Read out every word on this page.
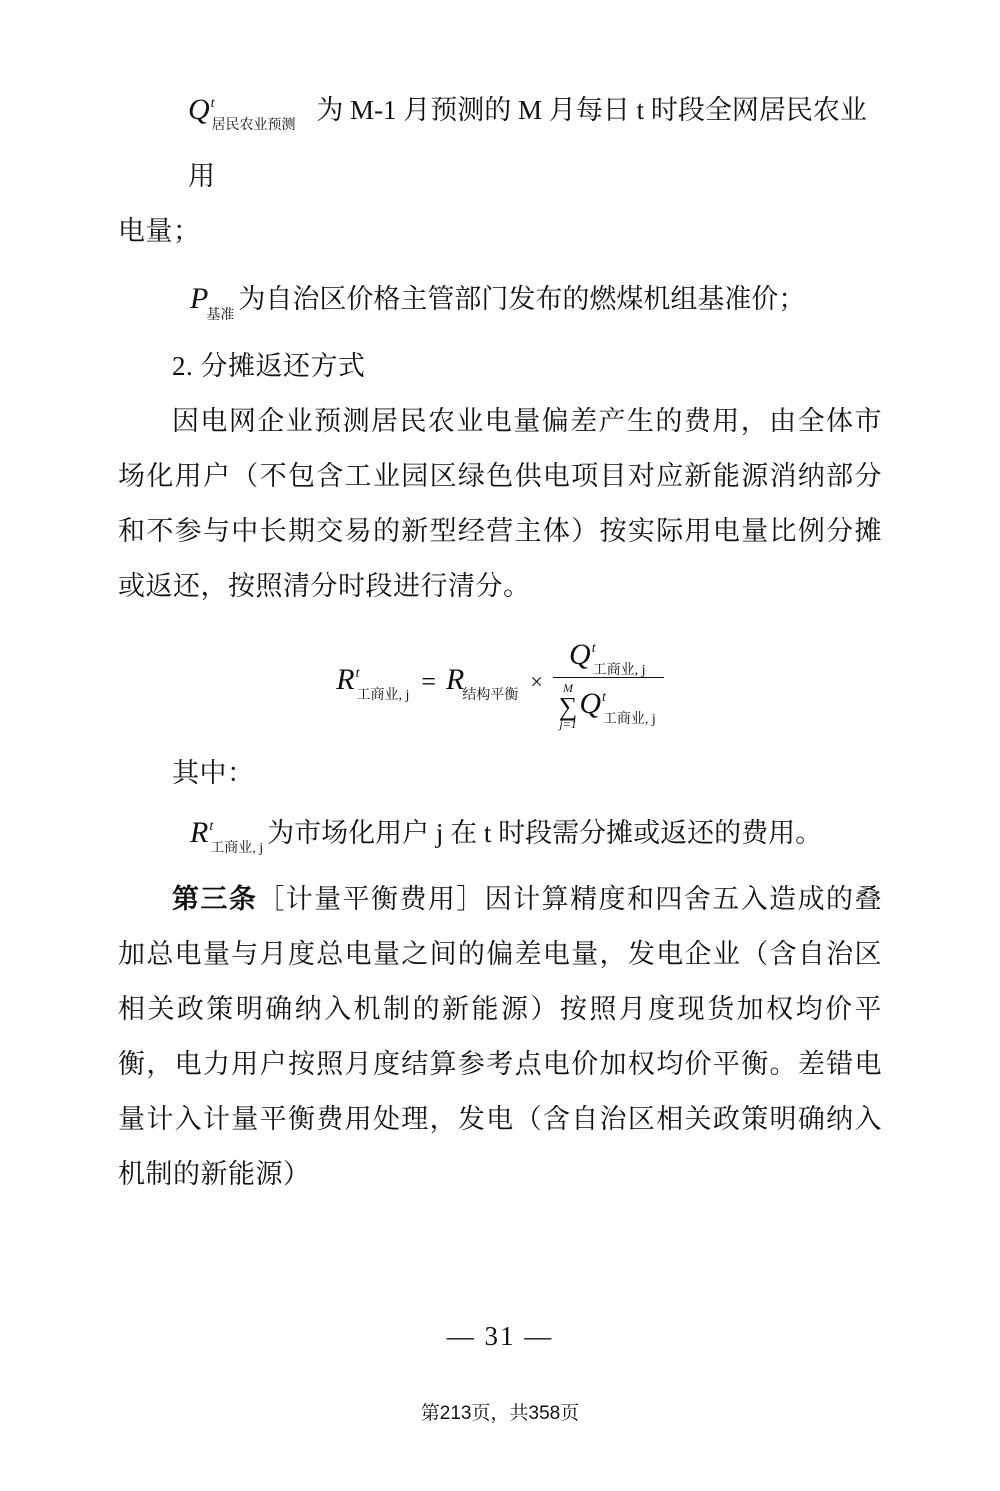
$Q^t_{居民农业预测}$ 为 M-1 月预测的 M 月每日 t 时段全网居民农业用
电量；
$P_{基准}$为自治区价格主管部门发布的燃煤机组基准价；
2. 分摊返还方式
因电网企业预测居民农业电量偏差产生的费用，由全体市场化用户（不包含工业园区绿色供电项目对应新能源消纳部分和不参与中长期交易的新型经营主体）按实际用电量比例分摊或返还，按照清分时段进行清分。
$R^t_{工商业, j}$
= $R_{结构平衡}$
×
$Q^t_{工商业, j}$
M
∑
j=1
$Q^t_{工商业, j}$
其中：
$R^t_{工商业, j}$为市场化用户 j 在 t 时段需分摊或返还的费用。
第三条［计量平衡费用］因计算精度和四舍五入造成的叠加总电量与月度总电量之间的偏差电量，发电企业（含自治区相关政策明确纳入机制的新能源）按照月度现货加权均价平衡，电力用户按照月度结算参考点电价加权均价平衡。差错电量计入计量平衡费用处理，发电（含自治区相关政策明确纳入机制的新能源）
— 31 —
第213页，共358页
